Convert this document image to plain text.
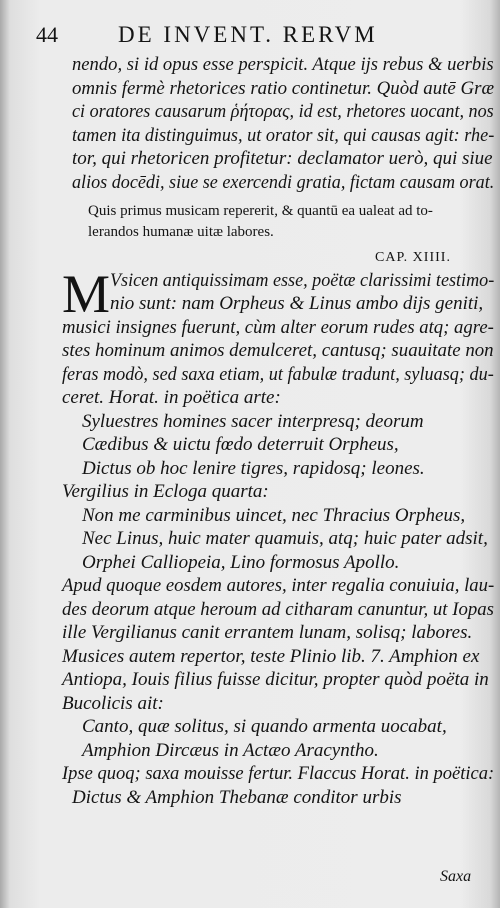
44	DE INVENT. RERVM
nendo, si id opus esse perspicit. Atque ijs rebus & uerbis
omnis fermè rhetorices ratio continetur. Quòd autē Græ
ci oratores causarum ῥήτορας, id est, rhetores uocant, nos
tamen ita distinguimus, ut orator sit, qui causas agit: rhe-
tor, qui rhetoricen profitetur: declamator uerò, qui siue
alios docēdi, siue se exercendi gratia, fictam causam orat.
Quis primus musicam repererit, & quantū ea ualeat ad to-
lerandos humanæ uitæ labores.
CAP. XIIII.
M Vsicen antiquissimam esse, poëtæ clarissimi testimo-
nio sunt: nam Orpheus & Linus ambo dijs geniti,
musici insignes fuerunt, cùm alter eorum rudes atq; agre-
stes hominum animos demulceret, cantusq; suauitate non
feras modò, sed saxa etiam, ut fabulæ tradunt, syluasq; du-
ceret. Horat. in poëtica arte:
Syluestres homines sacer interpresq; deorum
Cædibus & uictu fœdo deterruit Orpheus,
Dictus ob hoc lenire tigres, rapidosq; leones.
Vergilius in Ecloga quarta:
Non me carminibus uincet, nec Thracius Orpheus,
Nec Linus, huic mater quamuis, atq; huic pater adsit,
Orphei Calliopeia, Lino formosus Apollo.
Apud quoque eosdem autores, inter regalia conuiuia, lau-
des deorum atque heroum ad citharam canuntur, ut Iopas
ille Vergilianus canit errantem lunam, solisq; labores.
Musices autem repertor, teste Plinio lib. 7. Amphion ex
Antiopa, Iouis filius fuisse dicitur, propter quòd poëta in
Bucolicis ait:
Canto, quæ solitus, si quando armenta uocabat,
Amphion Dircæus in Actæo Aracyntho.
Ipse quoq; saxa mouisse fertur. Flaccus Horat. in poëtica:
Dictus & Amphion Thebanæ conditor urbis
Saxa
